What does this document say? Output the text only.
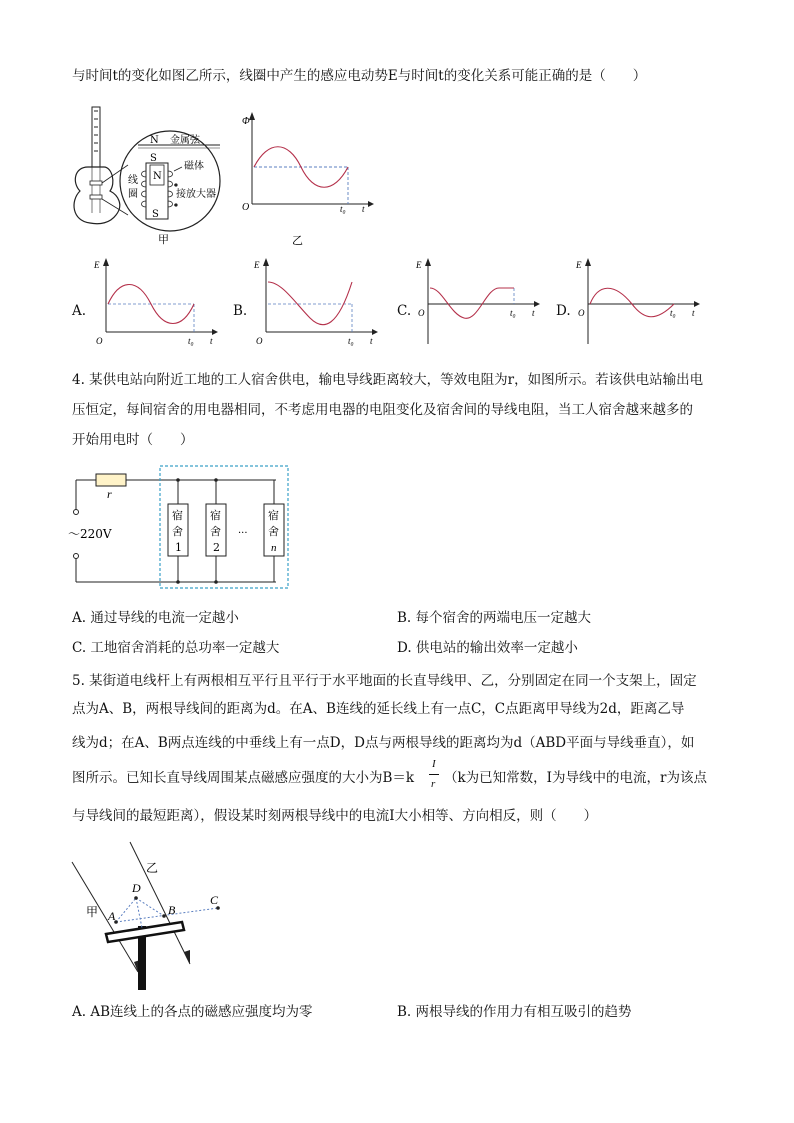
与时间t的变化如图乙所示，线圈中产生的感应电动势E与时间t的变化关系可能正确的是（　　）
N 金属弦
S
N
S
磁体
线
圈	接放大器
甲
Φ
O	t₀ t
乙
A.
E
O	t₀ t
B.
E
O	t₀ t
C.
E
O	t₀ t D.
E
O	t₀ t
4. 某供电站向附近工地的工人宿舍供电，输电导线距离较大，等效电阻为r，如图所示。若该供电站输出电
压恒定，每间宿舍的用电器相同，不考虑用电器的电阻变化及宿舍间的导线电阻，当工人宿舍越来越多的
开始用电时（　　）
～220V
r
宿
舍
1
宿
舍
2
···
宿
舍
n
A. 通过导线的电流一定越小	B. 每个宿舍的两端电压一定越大
C. 工地宿舍消耗的总功率一定越大	D. 供电站的输出效率一定越小
5. 某街道电线杆上有两根相互平行且平行于水平地面的长直导线甲、乙，分别固定在同一个支架上，固定
点为A、B，两根导线间的距离为d。在A、B连线的延长线上有一点C，C点距离甲导线为2d，距离乙导
线为d；在A、B两点连线的中垂线上有一点D，D点与两根导线的距离均为d（ABD平面与导线垂直），如
图所示。已知长直导线周围某点磁感应强度的大小为B＝k
I
r （k为已知常数，I为导线中的电流，r为该点
与导线间的最短距离），假设某时刻两根导线中的电流I大小相等、方向相反，则（　　）
甲
乙
A	B
C
D
A. AB连线上的各点的磁感应强度均为零	B. 两根导线的作用力有相互吸引的趋势
